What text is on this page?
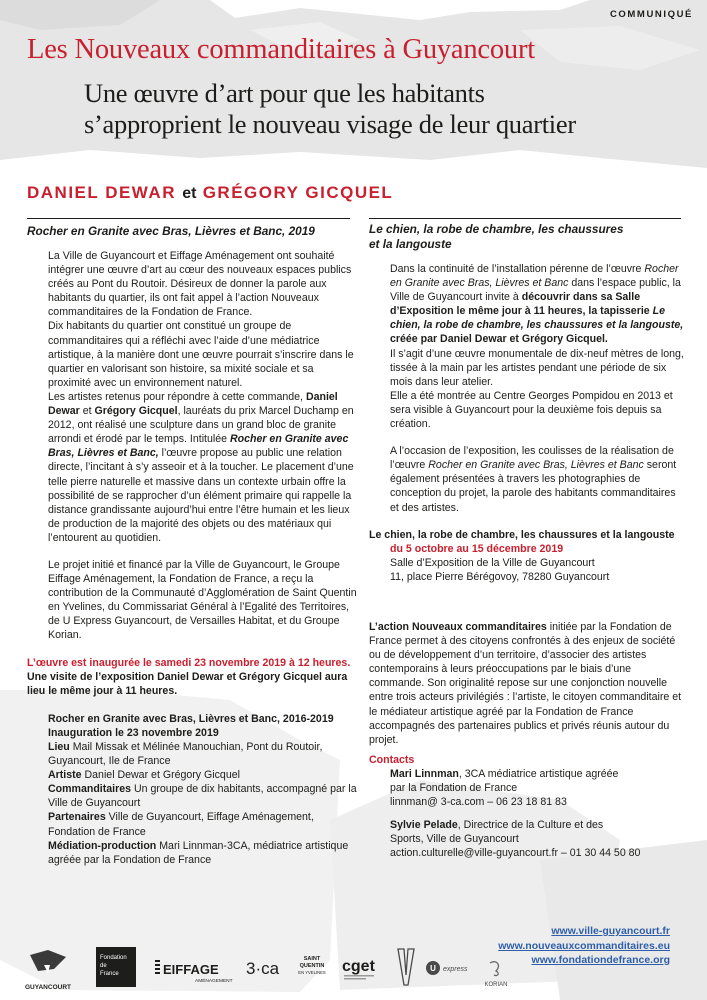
COMMUNIQUÉ
Les Nouveaux commanditaires à Guyancourt
Une œuvre d’art pour que les habitants
s’approprient le nouveau visage de leur quartier
DANIEL DEWAR et GRÉGORY GICQUEL

Rocher en Granite avec Bras, Lièvres et Banc, 2019

La Ville de Guyancourt et Eiffage Aménagement ont souhaité intégrer une œuvre d’art au cœur des nouveaux espaces publics créés au Pont du Routoir. Désireux de donner la parole aux habitants du quartier, ils ont fait appel à l’action Nouveaux commanditaires de la Fondation de France.

Dix habitants du quartier ont constitué un groupe de commanditaires qui a réfléchi avec l’aide d’une médiatrice artistique, à la manière dont une œuvre pourrait s’inscrire dans le quartier en valorisant son histoire, sa mixité sociale et sa proximité avec un environnement naturel.

Les artistes retenus pour répondre à cette commande, Daniel Dewar et Grégory Gicquel, lauréats du prix Marcel Duchamp en 2012, ont réalisé une sculpture dans un grand bloc de granite arrondi et érodé par le temps. Intitulée Rocher en Granite avec Bras, Lièvres et Banc, l’œuvre propose au public une relation directe, l’incitant à s’y asseoir et à la toucher. Le placement d’une telle pierre naturelle et massive dans un contexte urbain offre la possibilité de se rapprocher d’un élément primaire qui rappelle la distance grandissante aujourd’hui entre l’être humain et les lieux de production de la majorité des objets ou des matériaux qui l’entourent au quotidien.

Le projet initié et financé par la Ville de Guyancourt, le Groupe Eiffage Aménagement, la Fondation de France, a reçu la contribution de la Communauté d’Agglomération de Saint Quentin en Yvelines, du Commissariat Général à l’Egalité des Territoires, de U Express Guyancourt, de Versailles Habitat, et du Groupe Korian.

L’œuvre est inaugurée le samedi 23 novembre 2019 à 12 heures.

Une visite de l’exposition Daniel Dewar et Grégory Gicquel aura lieu le même jour à 11 heures.

Rocher en Granite avec Bras, Lièvres et Banc, 2016-2019

Inauguration le 23 novembre 2019

Lieu Mail Missak et Mélinée Manouchian, Pont du Routoir, Guyancourt, Ile de France

Artiste Daniel Dewar et Grégory Gicquel

Commanditaires Un groupe de dix habitants, accompagné par la Ville de Guyancourt

Partenaires Ville de Guyancourt, Eiffage Aménagement, Fondation de France

Médiation-production Mari Linnman-3CA, médiatrice artistique agréée par la Fondation de France

Le chien, la robe de chambre, les chaussures et la langouste

Dans la continuité de l’installation pérenne de l’œuvre Rocher en Granite avec Bras, Lièvres et Banc dans l’espace public, la Ville de Guyancourt invite à découvrir dans sa Salle d’Exposition le même jour à 11 heures, la tapisserie Le chien, la robe de chambre, les chaussures et la langouste, créée par Daniel Dewar et Grégory Gicquel.

Il s’agit d’une œuvre monumentale de dix-neuf mètres de long, tissée à la main par les artistes pendant une période de six mois dans leur atelier.

Elle a été montrée au Centre Georges Pompidou en 2013 et sera visible à Guyancourt pour la deuxième fois depuis sa création.

A l’occasion de l’exposition, les coulisses de la réalisation de l’œuvre Rocher en Granite avec Bras, Lièvres et Banc seront également présentées à travers les photographies de conception du projet, la parole des habitants commanditaires et des artistes.

Le chien, la robe de chambre, les chaussures et la langouste

du 5 octobre au 15 décembre 2019

Salle d’Exposition de la Ville de Guyancourt

11, place Pierre Bérégovoy, 78280 Guyancourt

L’action Nouveaux commanditaires initiée par la Fondation de France permet à des citoyens confrontés à des enjeux de société ou de développement d’un territoire, d’associer des artistes contemporains à leurs préoccupations par le biais d’une commande. Son originalité repose sur une conjonction nouvelle entre trois acteurs privilégiés : l’artiste, le citoyen commanditaire et le médiateur artistique agréé par la Fondation de France accompagnés des partenaires publics et privés réunis autour du projet.

Contacts

Mari Linnman, 3CA médiatrice artistique agréée par la Fondation de France

linnman@ 3-ca.com – 06 23 18 81 83

Sylvie Pelade, Directrice de la Culture et des Sports, Ville de Guyancourt

action.culturelle@ville-guyancourt.fr – 01 30 44 50 80

www.ville-guyancourt.fr
www.nouveauxcommanditaires.eu
www.fondationdefrance.org
GUYANCOURT
Fondation
de
France	EIFFAGE
AMÉNAGEMENT
3·ca	SAINT
QUENTIN
EN YVELINES cget	U express
KORIAN
